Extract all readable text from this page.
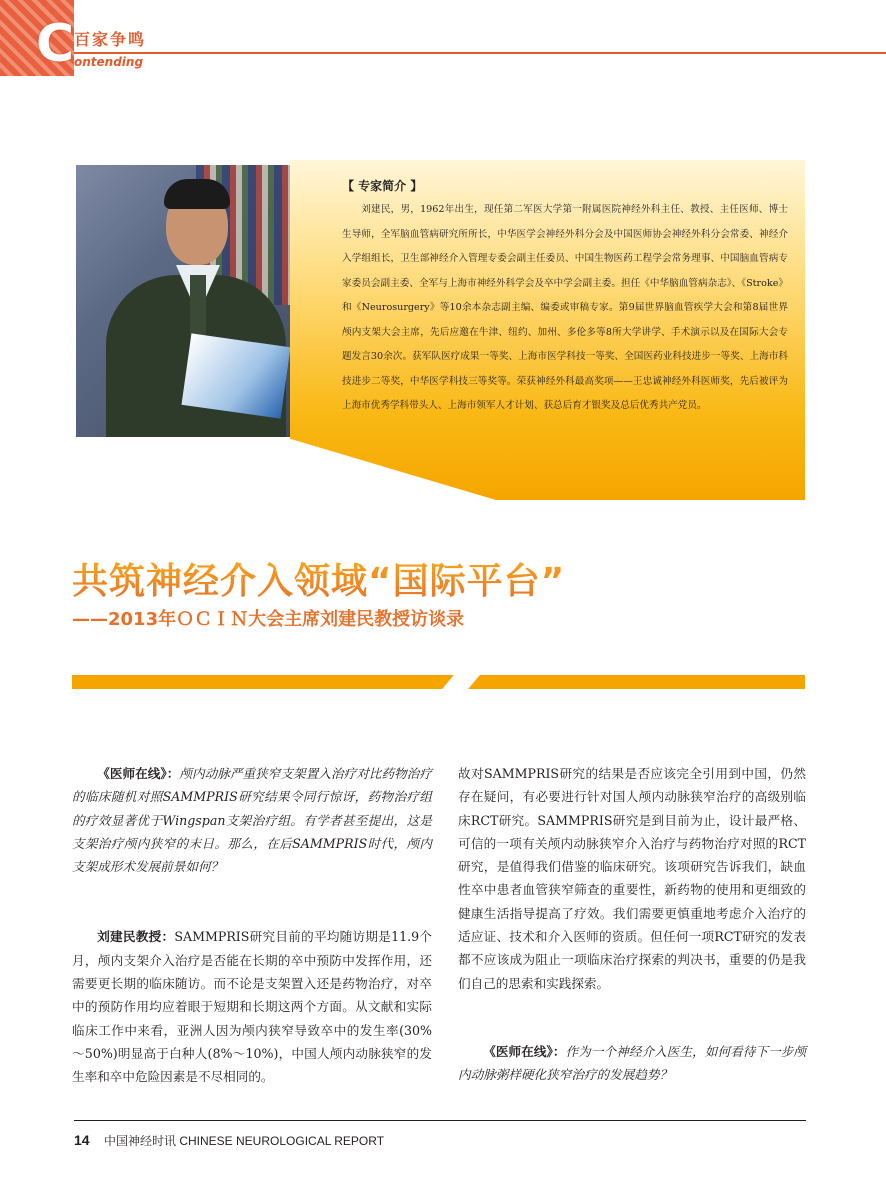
C 百家争鸣
ontending
【 专家简介 】
刘建民，男，1962年出生，现任第二军医大学第一附属医院神经外科主任、教授、主任医师、博士生导师，全军脑血管病研究所所长，中华医学会神经外科分会及中国医师协会神经外科分会常委、神经介入学组组长，卫生部神经介入管理专委会副主任委员、中国生物医药工程学会常务理事、中国脑血管病专家委员会副主委、全军与上海市神经外科学会及卒中学会副主委。担任《中华脑血管病杂志》、《Stroke》和《Neurosurgery》等10余本杂志副主编、编委或审稿专家。第9届世界脑血管疾学大会和第8届世界颅内支架大会主席，先后应邀在牛津、纽约、加州、多伦多等8所大学讲学、手术演示以及在国际大会专题发言30余次。获军队医疗成果一等奖、上海市医学科技一等奖、全国医药业科技进步一等奖、上海市科技进步二等奖，中华医学科技三等奖等。荣获神经外科最高奖项——王忠诚神经外科医师奖，先后被评为上海市优秀学科带头人、上海市领军人才计划、获总后育才银奖及总后优秀共产党员。
共筑神经介入领域“国际平台”
——2013年ＯＣＩＮ大会主席刘建民教授访谈录

《医师在线》：颅内动脉严重狭窄支架置入治疗对比药物治疗的临床随机对照SAMMPRIS研究结果令同行惊讶，药物治疗组的疗效显著优于Wingspan支架治疗组。有学者甚至提出，这是支架治疗颅内狭窄的末日。那么，在后SAMMPRIS时代，颅内支架成形术发展前景如何？

刘建民教授：SAMMPRIS研究目前的平均随访期是11.9个月，颅内支架介入治疗是否能在长期的卒中预防中发挥作用，还需要更长期的临床随访。而不论是支架置入还是药物治疗，对卒中的预防作用均应着眼于短期和长期这两个方面。从文献和实际临床工作中来看，亚洲人因为颅内狭窄导致卒中的发生率(30%～50%)明显高于白种人(8%～10%)，中国人颅内动脉狭窄的发生率和卒中危险因素是不尽相同的。

故对SAMMPRIS研究的结果是否应该完全引用到中国，仍然存在疑问，有必要进行针对国人颅内动脉狭窄治疗的高级别临床RCT研究。SAMMPRIS研究是到目前为止，设计最严格、可信的一项有关颅内动脉狭窄介入治疗与药物治疗对照的RCT研究，是值得我们借鉴的临床研究。该项研究告诉我们，缺血性卒中患者血管狭窄筛查的重要性，新药物的使用和更细致的健康生活指导提高了疗效。我们需要更慎重地考虑介入治疗的适应证、技术和介入医师的资质。但任何一项RCT研究的发表都不应该成为阻止一项临床治疗探索的判决书，重要的仍是我们自己的思索和实践探索。

《医师在线》：作为一个神经介入医生，如何看待下一步颅内动脉粥样硬化狭窄治疗的发展趋势？

14 中国神经时讯 CHINESE NEUROLOGICAL REPORT
